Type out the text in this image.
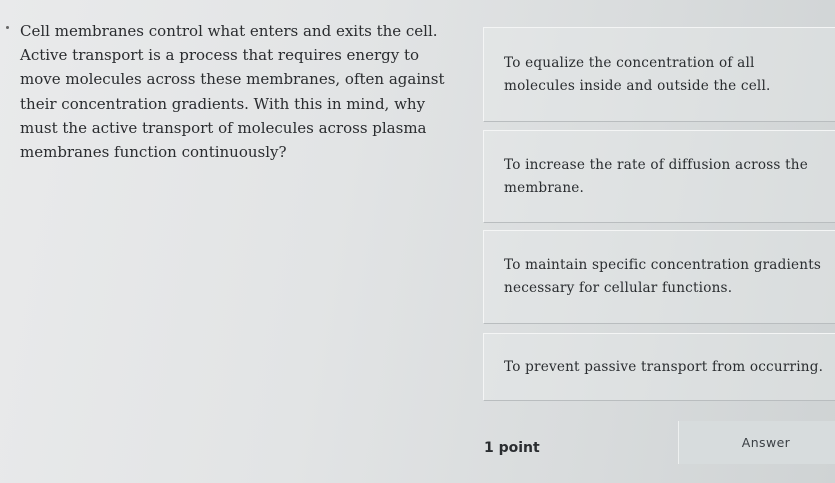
Cell membranes control what enters and exits the cell. Active transport is a process that requires energy to move molecules across these membranes, often against their concentration gradients. With this in mind, why must the active transport of molecules across plasma membranes function continuously?
To equalize the concentration of all molecules inside and outside the cell.
To increase the rate of diffusion across the membrane.
To maintain specific concentration gradients necessary for cellular functions.
To prevent passive transport from occurring.
1 point	Answer
